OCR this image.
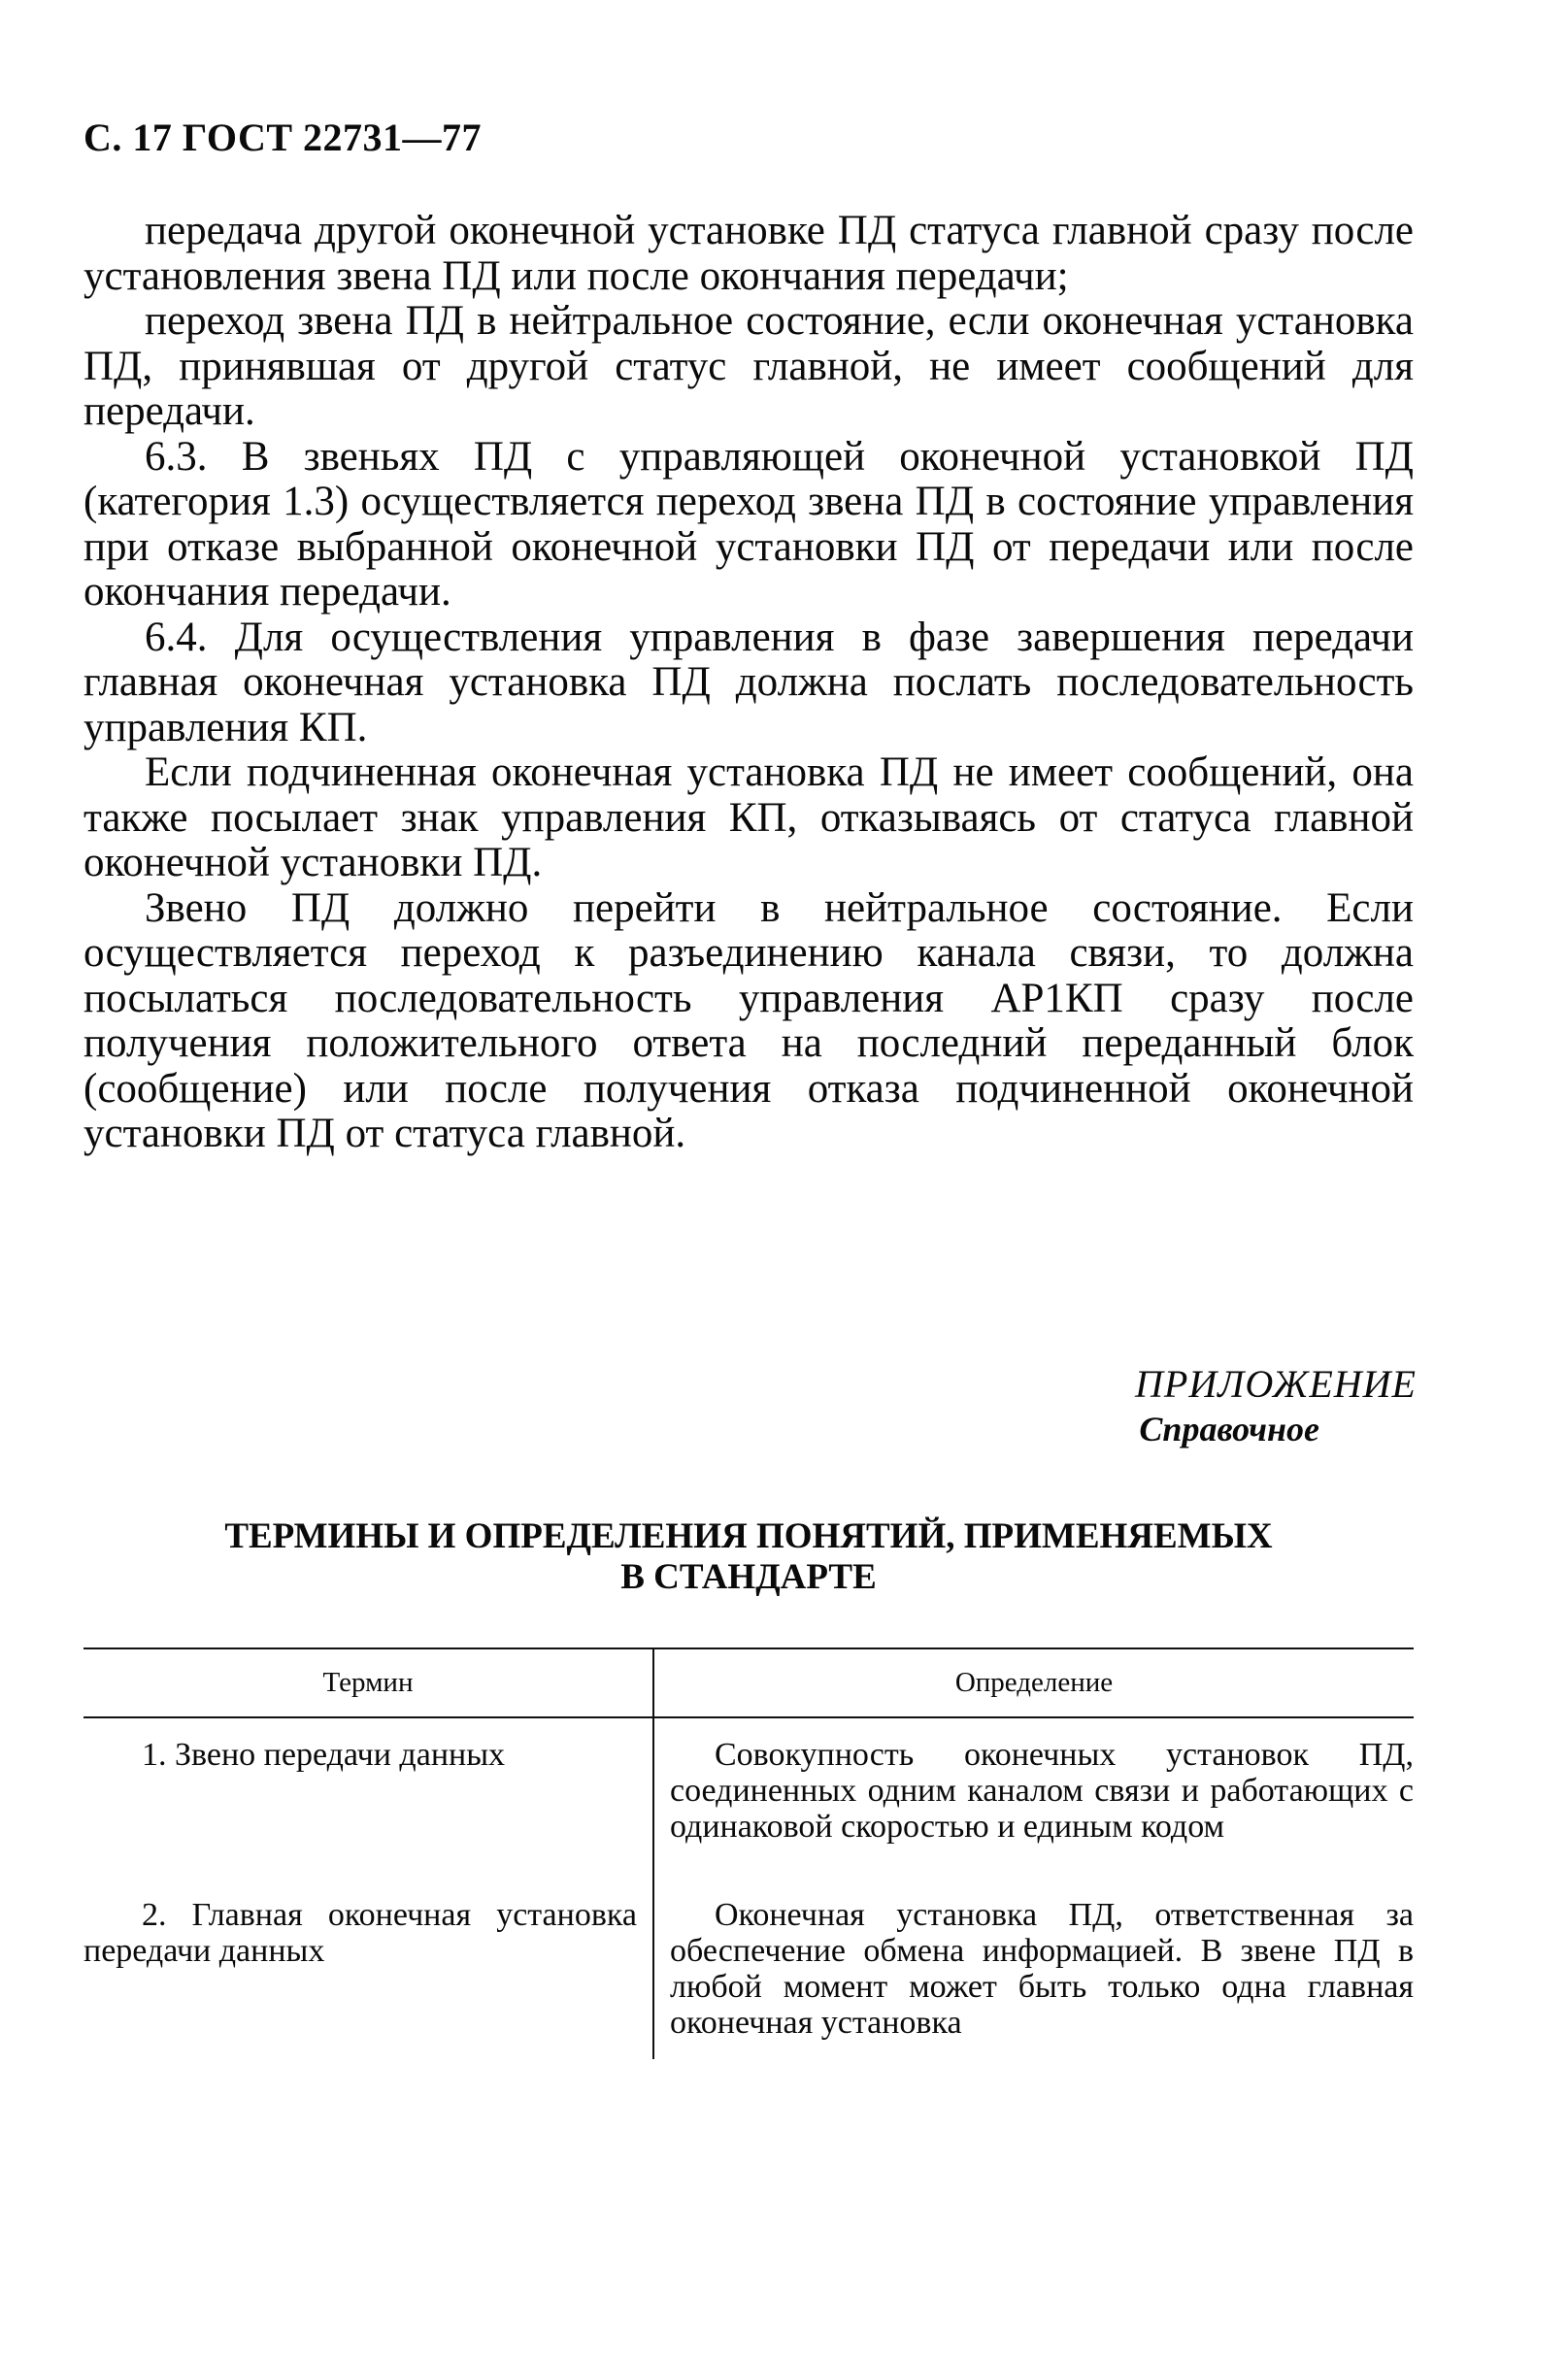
С. 17 ГОСТ 22731—77

передача другой оконечной установке ПД статуса главной сразу после установления звена ПД или после окончания передачи;

переход звена ПД в нейтральное состояние, если оконечная установка ПД, принявшая от другой статус главной, не имеет сообщений для передачи.

6.3. В звеньях ПД с управляющей оконечной установкой ПД (категория 1.3) осуществляется переход звена ПД в состояние управления при отказе выбранной оконечной установки ПД от передачи или после окончания передачи.

6.4. Для осуществления управления в фазе завершения передачи главная оконечная установка ПД должна послать последовательность управления КП.

Если подчиненная оконечная установка ПД не имеет сообщений, она также посылает знак управления КП, отказываясь от статуса главной оконечной установки ПД.

Звено ПД должно перейти в нейтральное состояние. Если осуществляется переход к разъединению канала связи, то должна посылаться последовательность управления АР1КП сразу после получения положительного ответа на последний переданный блок (сообщение) или после получения отказа подчиненной оконечной установки ПД от статуса главной.

ПРИЛОЖЕНИЕ
Справочное
ТЕРМИНЫ И ОПРЕДЕЛЕНИЯ ПОНЯТИЙ, ПРИМЕНЯЕМЫХ
В СТАНДАРТЕ
Термин	Определение
1. Звено передачи данных	Совокупность оконечных установок ПД, соединенных одним каналом связи и работающих с одинаковой скоростью и единым кодом
2. Главная оконечная установка передачи данных
Оконечная установка ПД, ответственная за обеспечение обмена информацией. В звене ПД в любой момент может быть только одна главная оконечная установка
